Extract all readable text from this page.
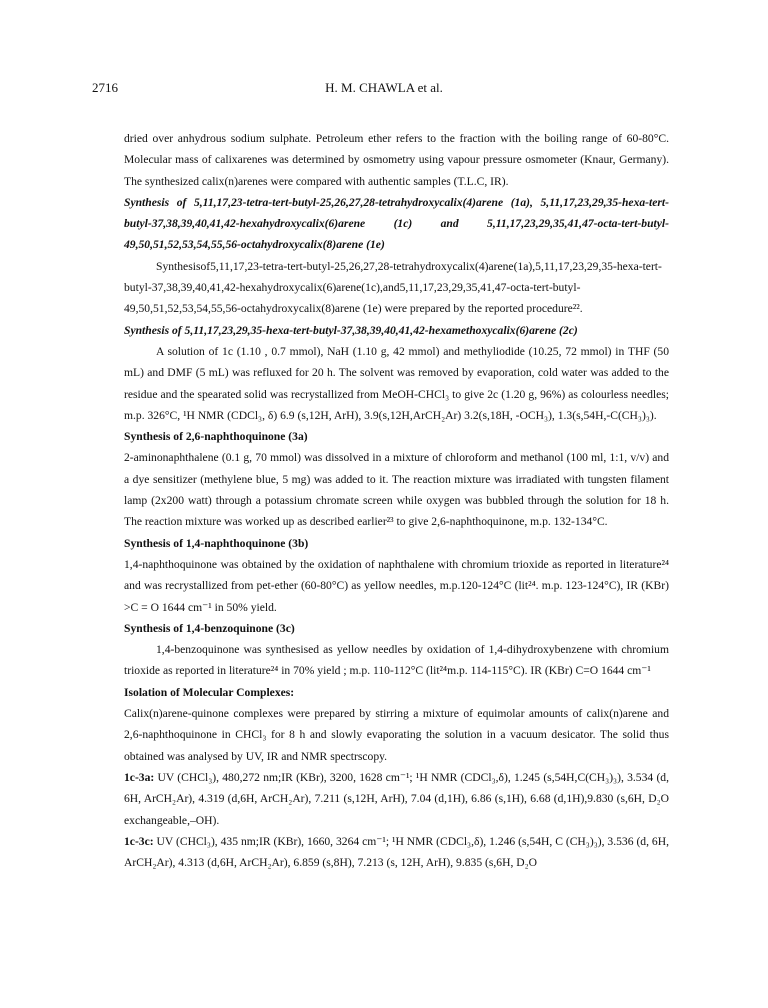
2716	H. M. CHAWLA et al.

dried over anhydrous sodium sulphate. Petroleum ether refers to the fraction with the boiling range of 60-80°C. Molecular mass of calixarenes was determined by osmometry using vapour pressure osmometer (Knaur, Germany). The synthesized calix(n)arenes were compared with authentic samples (T.L.C, IR).

Synthesis of 5,11,17,23-tetra-tert-butyl-25,26,27,28-tetrahydroxycalix(4)arene (1a), 5,11,17,23,29,35-hexa-tert-butyl-37,38,39,40,41,42-hexahydroxycalix(6)arene (1c) and 5,11,17,23,29,35,41,47-octa-tert-butyl-49,50,51,52,53,54,55,56-octahydroxycalix(8)arene (1e)

Synthesisof5,11,17,23-tetra-tert-butyl-25,26,27,28-tetrahydroxycalix(4)arene(1a),5,11,17,23,29,35-hexa-tert-butyl-37,38,39,40,41,42-hexahydroxycalix(6)arene(1c),and5,11,17,23,29,35,41,47-octa-tert-butyl-49,50,51,52,53,54,55,56-octahydroxycalix(8)arene (1e) were prepared by the reported procedure²².

Synthesis of 5,11,17,23,29,35-hexa-tert-butyl-37,38,39,40,41,42-hexamethoxycalix(6)arene (2c)

A solution of 1c (1.10 , 0.7 mmol), NaH (1.10 g, 42 mmol) and methyliodide (10.25, 72 mmol) in THF (50 mL) and DMF (5 mL) was refluxed for 20 h. The solvent was removed by evaporation, cold water was added to the residue and the spearated solid was recrystallized from MeOH-CHCl₃ to give 2c (1.20 g, 96%) as colourless needles; m.p. 326°C, ¹H NMR (CDCl₃, δ) 6.9 (s,12H, ArH), 3.9(s,12H,ArCH₂Ar) 3.2(s,18H, -OCH₃), 1.3(s,54H,-C(CH₃)₃).

Synthesis of 2,6-naphthoquinone (3a)

2-aminonaphthalene (0.1 g, 70 mmol) was dissolved in a mixture of chloroform and methanol (100 ml, 1:1, v/v) and a dye sensitizer (methylene blue, 5 mg) was added to it. The reaction mixture was irradiated with tungsten filament lamp (2x200 watt) through a potassium chromate screen while oxygen was bubbled through the solution for 18 h. The reaction mixture was worked up as described earlier²³ to give 2,6-naphthoquinone, m.p. 132-134°C.

Synthesis of 1,4-naphthoquinone (3b)

1,4-naphthoquinone was obtained by the oxidation of naphthalene with chromium trioxide as reported in literature²⁴ and was recrystallized from pet-ether (60-80°C) as yellow needles, m.p.120-124°C (lit²⁴. m.p. 123-124°C), IR (KBr) >C = O 1644 cm⁻¹ in 50% yield.

Synthesis of 1,4-benzoquinone (3c)

1,4-benzoquinone was synthesised as yellow needles by oxidation of 1,4-dihydroxybenzene with chromium trioxide as reported in literature²⁴ in 70% yield ; m.p. 110-112°C (lit²⁴m.p. 114-115°C). IR (KBr) C=O 1644 cm⁻¹

Isolation of Molecular Complexes:

Calix(n)arene-quinone complexes were prepared by stirring a mixture of equimolar amounts of calix(n)arene and 2,6-naphthoquinone in CHCl₃ for 8 h and slowly evaporating the solution in a vacuum desicator. The solid thus obtained was analysed by UV, IR and NMR spectrscopy.

1c-3a: UV (CHCl₃), 480,272 nm;IR (KBr), 3200, 1628 cm⁻¹; ¹H NMR (CDCl₃,δ), 1.245 (s,54H,C(CH₃)₃), 3.534 (d, 6H, ArCH₂Ar), 4.319 (d,6H, ArCH₂Ar), 7.211 (s,12H, ArH), 7.04 (d,1H), 6.86 (s,1H), 6.68 (d,1H),9.830 (s,6H, D₂O exchangeable,–OH).

1c-3c: UV (CHCl₃), 435 nm;IR (KBr), 1660, 3264 cm⁻¹; ¹H NMR (CDCl₃,δ), 1.246 (s,54H, C (CH₃)₃), 3.536 (d, 6H, ArCH₂Ar), 4.313 (d,6H, ArCH₂Ar), 6.859 (s,8H), 7.213 (s, 12H, ArH), 9.835 (s,6H, D₂O
